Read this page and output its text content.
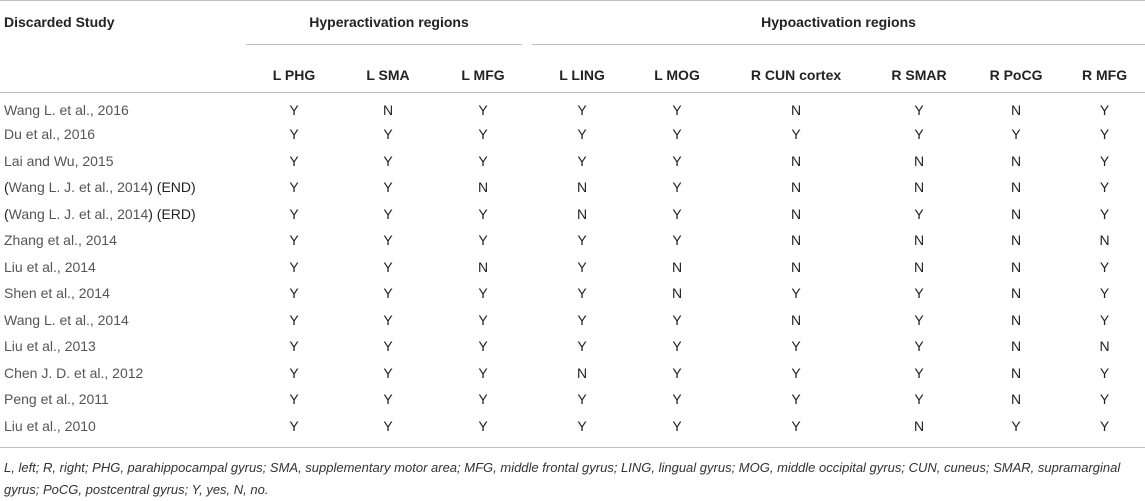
Discarded Study	Hyperactivation regions			Hypoactivation regions					

	L PHG	L SMA	L MFG	L LING	L MOG	R CUN cortex	R SMAR	R PoCG	R MFG
Wang L. et al., 2016	Y	N	Y	Y	Y	N	Y	N	Y
Du et al., 2016	Y	Y	Y	Y	Y	Y	Y	Y	Y
Lai and Wu, 2015	Y	Y	Y	Y	Y	N	N	N	Y
(Wang L. J. et al., 2014) (END)	Y	Y	N	N	Y	N	N	N	Y
(Wang L. J. et al., 2014) (ERD)	Y	Y	Y	N	Y	N	Y	N	Y
Zhang et al., 2014	Y	Y	Y	Y	Y	N	N	N	N
Liu et al., 2014	Y	Y	N	Y	N	N	N	N	Y
Shen et al., 2014	Y	Y	Y	Y	N	Y	Y	N	Y
Wang L. et al., 2014	Y	Y	Y	Y	Y	N	Y	N	Y
Liu et al., 2013	Y	Y	Y	Y	Y	Y	Y	N	N
Chen J. D. et al., 2012	Y	Y	Y	N	Y	Y	Y	N	Y
Peng et al., 2011	Y	Y	Y	Y	Y	Y	Y	N	Y
Liu et al., 2010	Y	Y	Y	Y	Y	Y	N	Y	Y
L, left; R, right; PHG, parahippocampal gyrus; SMA, supplementary motor area; MFG, middle frontal gyrus; LING, lingual gyrus; MOG, middle occipital gyrus; CUN, cuneus; SMAR, supramarginal gyrus; PoCG, postcentral gyrus; Y, yes, N, no.									
